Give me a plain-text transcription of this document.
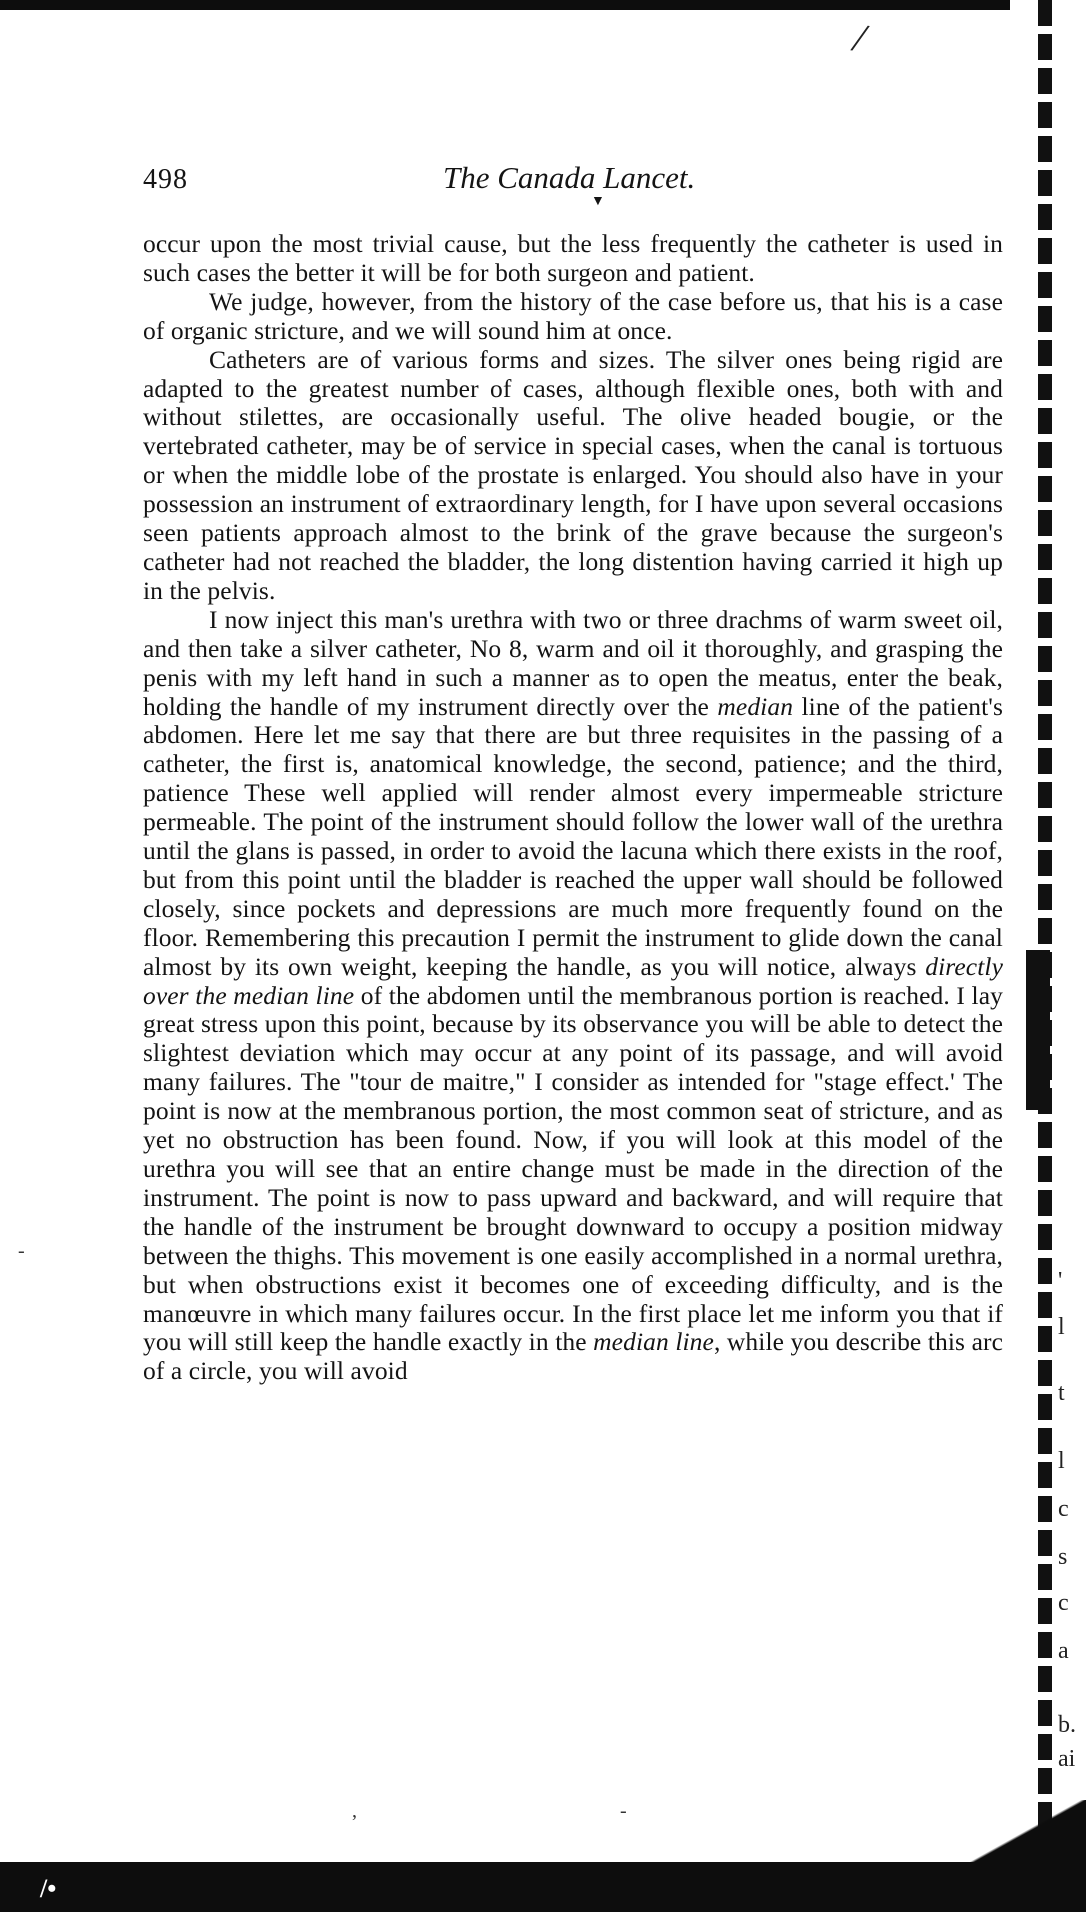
/
498	The Canada Lancet.
▼

occur upon the most trivial cause, but the less frequently the catheter is used in such cases the better it will be for both surgeon and patient.

We judge, however, from the history of the case before us, that his is a case of organic stricture, and we will sound him at once.

Catheters are of various forms and sizes. The silver ones being rigid are adapted to the greatest number of cases, although flexible ones, both with and without stilettes, are occasionally useful. The olive headed bougie, or the vertebrated catheter, may be of service in special cases, when the canal is tortuous or when the middle lobe of the prostate is enlarged. You should also have in your possession an instrument of extraordinary length, for I have upon several occasions seen patients approach almost to the brink of the grave because the surgeon's catheter had not reached the bladder, the long distention having carried it high up in the pelvis.

I now inject this man's urethra with two or three drachms of warm sweet oil, and then take a silver catheter, No 8, warm and oil it thoroughly, and grasping the penis with my left hand in such a manner as to open the meatus, enter the beak, holding the handle of my instrument directly over the median line of the patient's abdomen. Here let me say that there are but three requisites in the passing of a catheter, the first is, anatomical knowledge, the second, patience; and the third, patience These well applied will render almost every impermeable stricture permeable. The point of the instrument should follow the lower wall of the urethra until the glans is passed, in order to avoid the lacuna which there exists in the roof, but from this point until the bladder is reached the upper wall should be followed closely, since pockets and depressions are much more frequently found on the floor. Remembering this precaution I permit the instrument to glide down the canal almost by its own weight, keeping the handle, as you will notice, always directly over the median line of the abdomen until the membranous portion is reached. I lay great stress upon this point, because by its observance you will be able to detect the slightest deviation which may occur at any point of its passage, and will avoid many failures. The "tour de maitre," I consider as intended for "stage effect.' The point is now at the membranous portion, the most common seat of stricture, and as yet no obstruction has been found. Now, if you will look at this model of the urethra you will see that an entire change must be made in the direction of the instrument. The point is now to pass upward and backward, and will require that the handle of the instrument be brought downward to occupy a position midway between the thighs. This movement is one easily accomplished in a normal urethra, but when obstructions exist it becomes one of exceeding difficulty, and is the manœuvre in which many failures occur. In the first place let me inform you that if you will still keep the handle exactly in the median line, while you describe this arc of a circle, you will avoid

'
l
t
l
c
s
c
a
b.
ai
-
,	-
/•
